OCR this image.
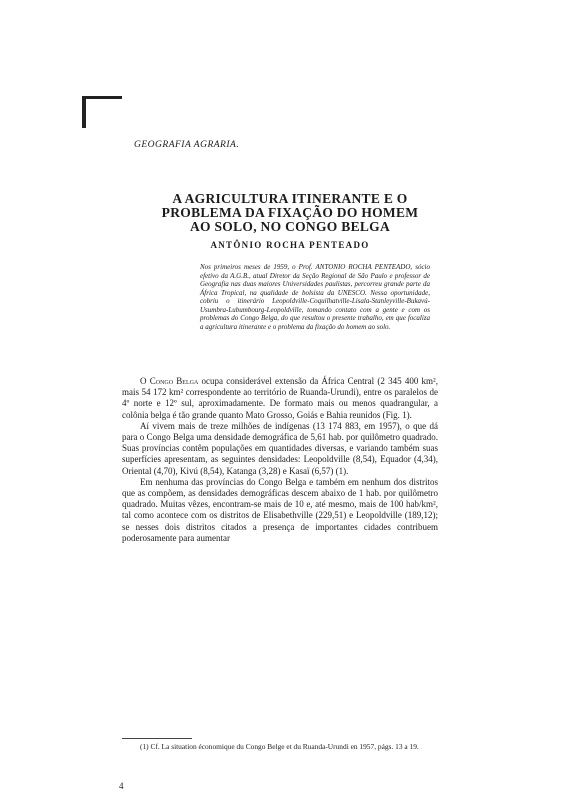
GEOGRAFIA AGRARIA.
A AGRICULTURA ITINERANTE E O
PROBLEMA DA FIXAÇÃO DO HOMEM
AO SOLO, NO CONGO BELGA
ANTÔNIO ROCHA PENTEADO
Nos primeiros meses de 1959, o Prof. ANTONIO ROCHA PENTEADO, sócio efetivo da A.G.B., atual Diretor da Seção Regional de São Paulo e professor de Geografia nas duas maiores Universidades paulistas, percorreu grande parte da África Tropical, na qualidade de bolsista da UNESCO. Nessa oportunidade, cobriu o itinerário Leopoldville-Coquilhatville-Lisala-Stanleyville-Bukavú-Usumbra-Lubumbourg-Leopoldville, tomando contato com a gente e com os problemas do Congo Belga, do que resultou o presente trabalho, em que focaliza a agricultura itinerante e o problema da fixação do homem ao solo.

O Congo Belga ocupa considerável extensão da África Central (2 345 400 km², mais 54 172 km² correspondente ao território de Ruanda-Urundi), entre os paralelos de 4º norte e 12º sul, aproximadamente. De formato mais ou menos quadrangular, a colônia belga é tão grande quanto Mato Grosso, Goiás e Bahia reunidos (Fig. 1).

Aí vivem mais de treze milhões de indígenas (13 174 883, em 1957), o que dá para o Congo Belga uma densidade demográfica de 5,61 hab. por quilômetro quadrado. Suas províncias contêm populações em quantidades diversas, e variando também suas superfícies apresentam, as seguintes densidades: Leopoldville (8,54), Equador (4,34), Oriental (4,70), Kivú (8,54), Katanga (3,28) e Kasaï (6,57) (1).

Em nenhuma das províncias do Congo Belga e também em nenhum dos distritos que as compõem, as densidades demográficas descem abaixo de 1 hab. por quilômetro quadrado. Muitas vêzes, encontram-se mais de 10 e, até mesmo, mais de 100 hab/km², tal como acontece com os distritos de Elisabethville (229,51) e Leopoldville (189,12); se nesses dois distritos citados a presença de importantes cidades contribuem poderosamente para aumentar

(1) Cf. La situation économique du Congo Belge et du Ruanda-Urundi en 1957, págs. 13 a 19.
4
